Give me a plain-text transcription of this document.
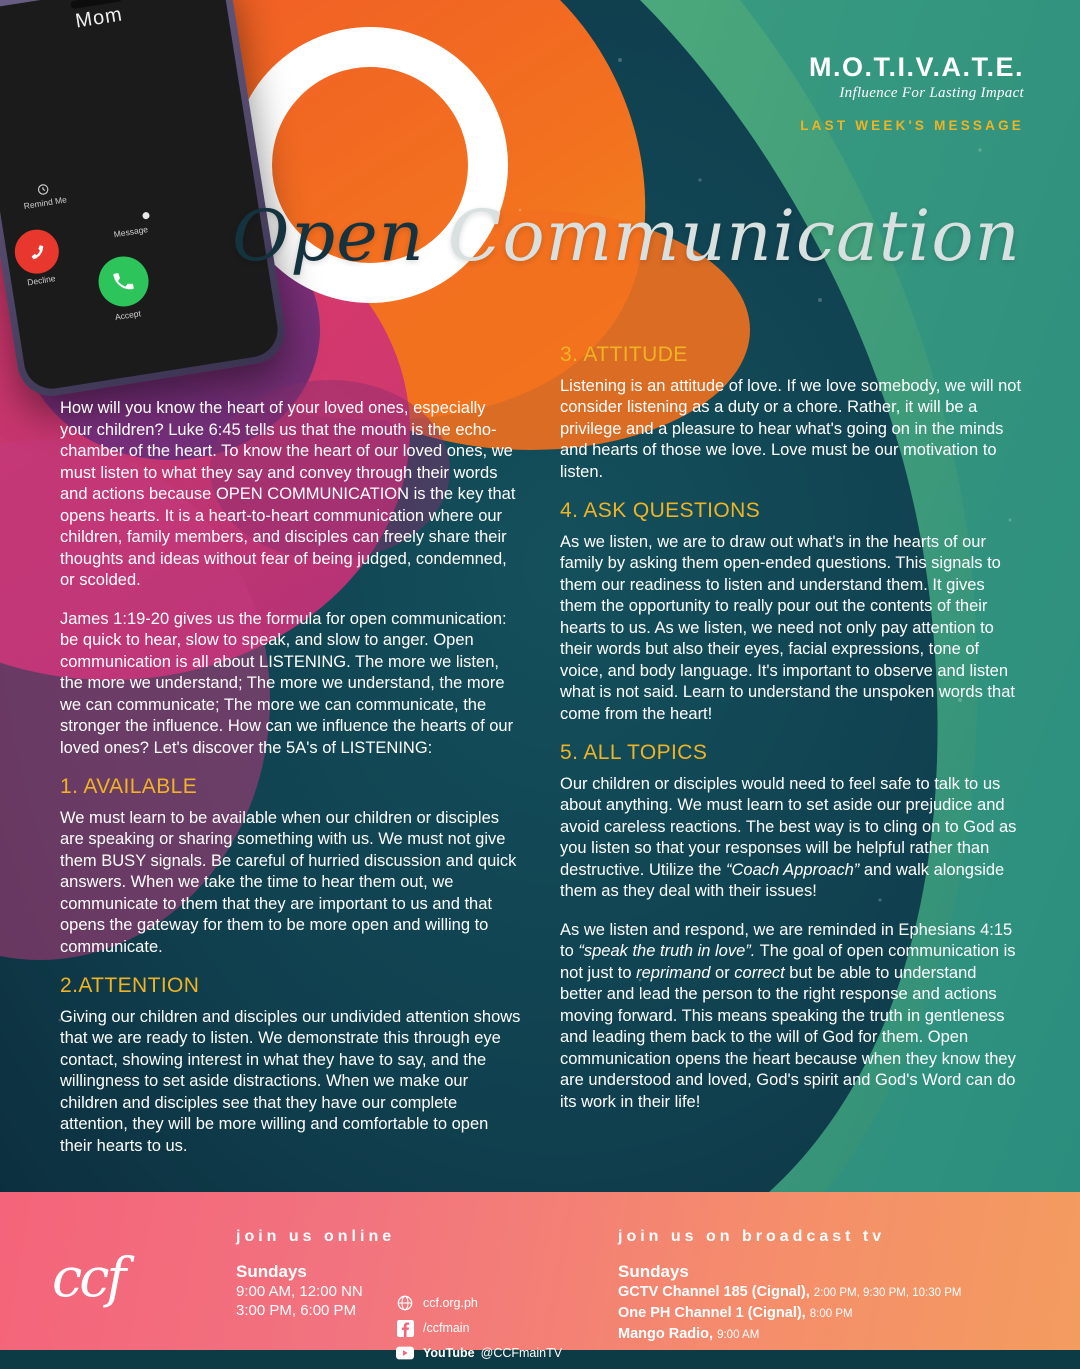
Mom
Remind Me
Message
Decline
Accept
M.O.T.I.V.A.T.E.
Influence For Lasting Impact
LAST WEEK'S MESSAGE
Open Communication

How will you know the heart of your loved ones, especially your children? Luke 6:45 tells us that the mouth is the echo-chamber of the heart. To know the heart of our loved ones, we must listen to what they say and convey through their words and actions because OPEN COMMUNICATION is the key that opens hearts. It is a heart-to-heart communication where our children, family members, and disciples can freely share their thoughts and ideas without fear of being judged, condemned, or scolded.

James 1:19-20 gives us the formula for open communication: be quick to hear, slow to speak, and slow to anger. Open communication is all about LISTENING. The more we listen, the more we understand; The more we understand, the more we can communicate; The more we can communicate, the stronger the influence. How can we influence the hearts of our loved ones? Let's discover the 5A's of LISTENING:

1. AVAILABLE

We must learn to be available when our children or disciples are speaking or sharing something with us. We must not give them BUSY signals. Be careful of hurried discussion and quick answers. When we take the time to hear them out, we communicate to them that they are important to us and that opens the gateway for them to be more open and willing to communicate.

2.ATTENTION

Giving our children and disciples our undivided attention shows that we are ready to listen. We demonstrate this through eye contact, showing interest in what they have to say, and the willingness to set aside distractions. When we make our children and disciples see that they have our complete attention, they will be more willing and comfortable to open their hearts to us.

3. ATTITUDE

Listening is an attitude of love. If we love somebody, we will not consider listening as a duty or a chore. Rather, it will be a privilege and a pleasure to hear what's going on in the minds and hearts of those we love. Love must be our motivation to listen.

4. ASK QUESTIONS

As we listen, we are to draw out what's in the hearts of our family by asking them open-ended questions. This signals to them our readiness to listen and understand them. It gives them the opportunity to really pour out the contents of their hearts to us. As we listen, we need not only pay attention to their words but also their eyes, facial expressions, tone of voice, and body language. It's important to observe and listen what is not said. Learn to understand the unspoken words that come from the heart!

5. ALL TOPICS

Our children or disciples would need to feel safe to talk to us about anything. We must learn to set aside our prejudice and avoid careless reactions. The best way is to cling on to God as you listen so that your responses will be helpful rather than destructive. Utilize the “Coach Approach” and walk alongside them as they deal with their issues!

As we listen and respond, we are reminded in Ephesians 4:15 to “speak the truth in love”. The goal of open communication is not just to reprimand or correct but be able to understand better and lead the person to the right response and actions moving forward. This means speaking the truth in gentleness and leading them back to the will of God for them. Open communication opens the heart because when they know they are understood and loved, God's spirit and God's Word can do its work in their life!

ccf
join us online
Sundays
9:00 AM, 12:00 NN
3:00 PM, 6:00 PM	ccf.org.ph
/ccfmain
YouTube @CCFmainTV
join us on broadcast tv
Sundays
GCTV Channel 185 (Cignal), 2:00 PM, 9:30 PM, 10:30 PM
One PH Channel 1 (Cignal), 8:00 PM
Mango Radio, 9:00 AM
